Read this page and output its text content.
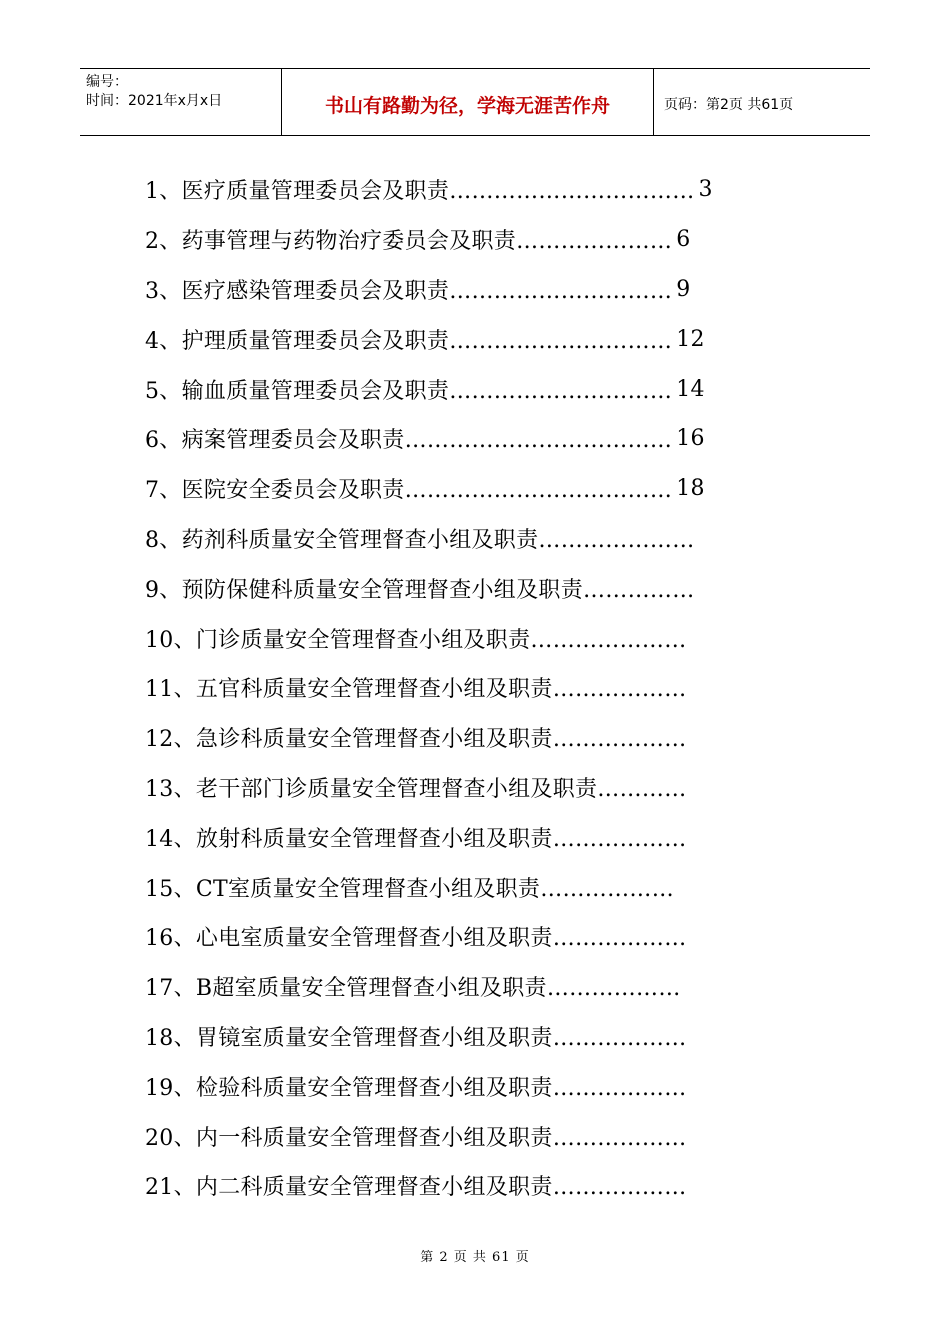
编号：
时间：2021年x月x日	书山有路勤为径，学海无涯苦作舟	页码：第2页 共61页
1、医疗质量管理委员会及职责…………………………… 3
2、药事管理与药物治疗委员会及职责………………… 6
3、医疗感染管理委员会及职责………………………… 9
4、护理质量管理委员会及职责………………………… 12
5、输血质量管理委员会及职责………………………… 14
6、病案管理委员会及职责……………………………… 16
7、医院安全委员会及职责……………………………… 18
8、药剂科质量安全管理督查小组及职责…………………
9、预防保健科质量安全管理督查小组及职责……………
10、门诊质量安全管理督查小组及职责…………………
11、五官科质量安全管理督查小组及职责………………
12、急诊科质量安全管理督查小组及职责………………
13、老干部门诊质量安全管理督查小组及职责…………
14、放射科质量安全管理督查小组及职责………………
15、CT室质量安全管理督查小组及职责………………
16、心电室质量安全管理督查小组及职责………………
17、B超室质量安全管理督查小组及职责………………
18、胃镜室质量安全管理督查小组及职责………………
19、检验科质量安全管理督查小组及职责………………
20、内一科质量安全管理督查小组及职责………………
21、内二科质量安全管理督查小组及职责………………
第 2 页 共 61 页
